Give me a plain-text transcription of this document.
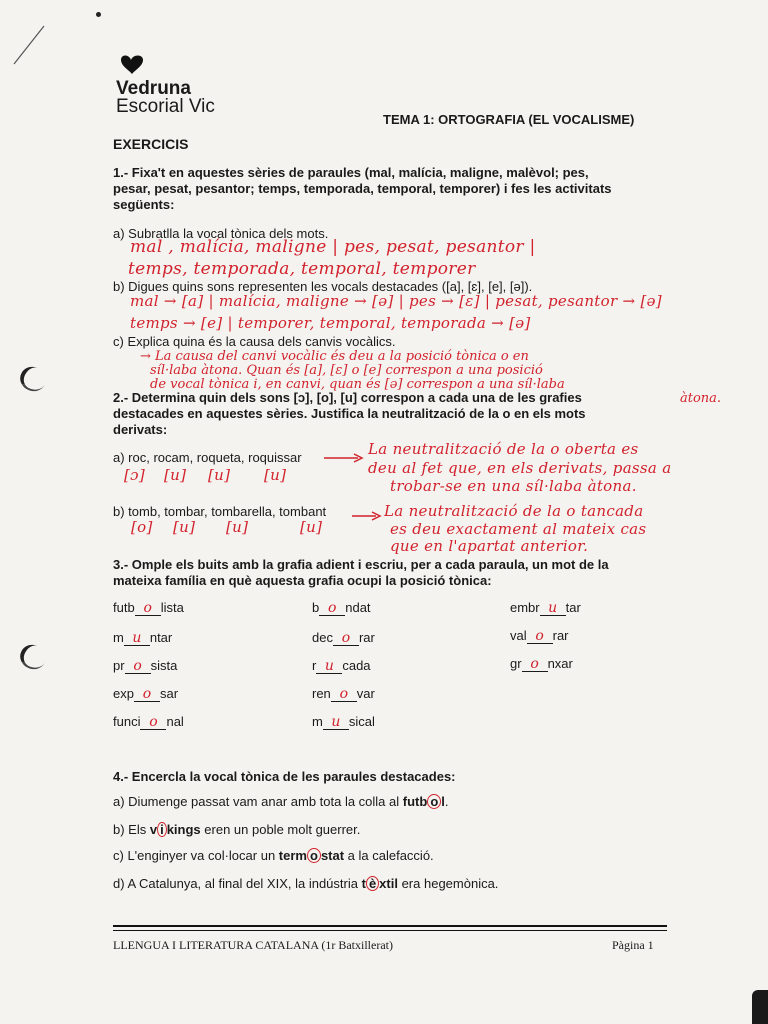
Vedruna
Escorial Vic
TEMA 1: ORTOGRAFIA (EL VOCALISME)
EXERCICIS
1.- Fixa't en aquestes sèries de paraules (mal, malícia, maligne, malèvol; pes,
pesar, pesat, pesantor; temps, temporada, temporal, temporer) i fes les activitats
següents:
a) Subratlla la vocal tònica dels mots.
mal , malícia, maligne | pes, pesat, pesantor |
temps, temporada, temporal, temporer
b) Digues quins sons representen les vocals destacades ([a], [ɛ], [e], [ə]).
mal → [a] | malícia, maligne → [ə] | pes → [ɛ] | pesat, pesantor → [ə]
temps → [e] | temporer, temporal, temporada → [ə]
c) Explica quina és la causa dels canvis vocàlics.
→ La causa del canvi vocàlic és deu a la posició tònica o en
síl·laba àtona. Quan és [a], [ɛ] o [e] correspon a una posició
de vocal tònica i, en canvi, quan és [ə] correspon a una síl·laba
àtona.
2.- Determina quin dels sons [ɔ], [o], [u] correspon a cada una de les grafies
destacades en aquestes sèries. Justifica la neutralització de la o en els mots
derivats:
a) roc, rocam, roqueta, roquissar
[ɔ] [u] [u] [u]
La neutralització de la o oberta es
deu al fet que, en els derivats, passa a
trobar-se en una síl·laba àtona.
b) tomb, tombar, tombarella, tombant
[o] [u] [u]	[u]
La neutralització de la o tancada
es deu exactament al mateix cas
que en l'apartat anterior.
3.- Omple els buits amb la grafia adient i escriu, per a cada paraula, un mot de la
mateixa família en què aquesta grafia ocupi la posició tònica:
futb o lista
m u ntar
pr o sista
exp o sar
funci o nal
b o ndat
dec o rar
r u cada
ren o var
m u sical
embr u tar
val o rar
gr o nxar
4.- Encercla la vocal tònica de les paraules destacades:
a) Diumenge passat vam anar amb tota la colla al futb o l.
b) Els v i kings eren un poble molt guerrer.
c) L'enginyer va col·locar un term o stat a la calefacció.
d) A Catalunya, al final del XIX, la indústria t è xtil era hegemònica.
LLENGUA I LITERATURA CATALANA (1r Batxillerat)	Pàgina 1
